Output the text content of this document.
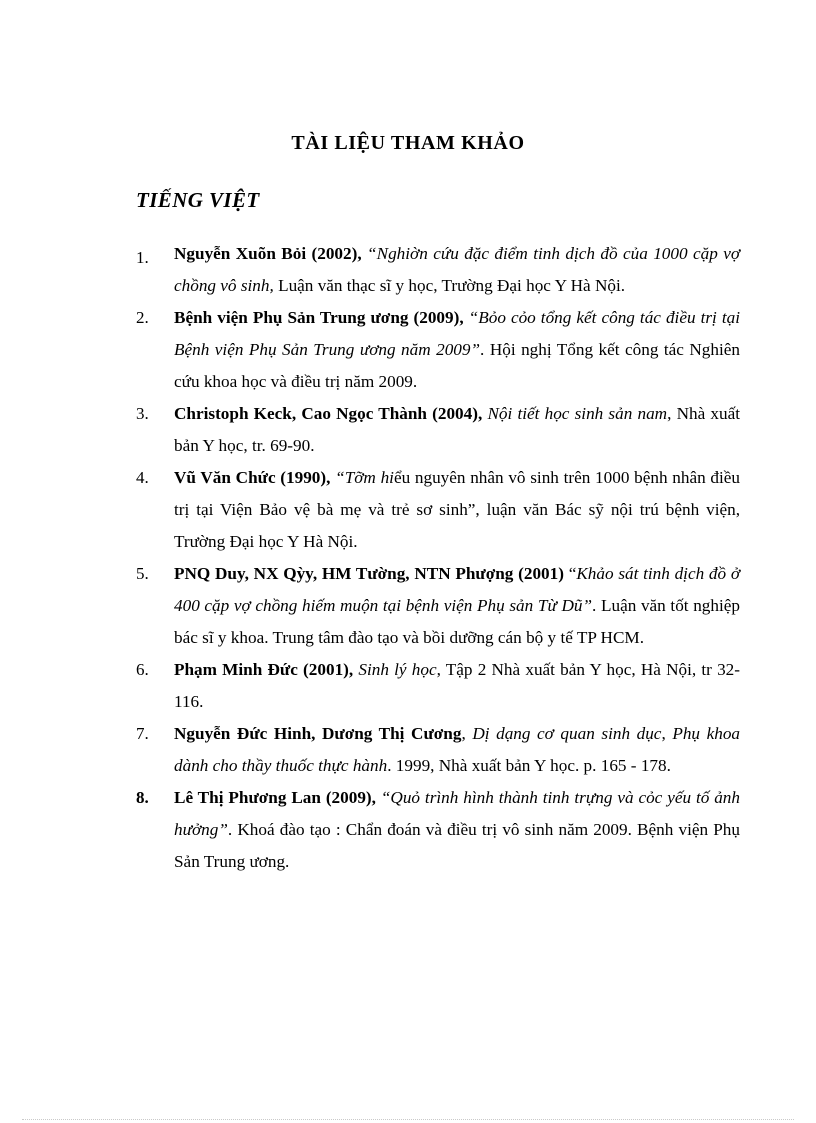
TÀI LIỆU THAM KHẢO
TIẾNG VIỆT
1.	Nguyễn Xuõn Bỏi (2002), “Nghiờn cứu đặc điểm tinh dịch đồ của 1000 cặp vợ chồng vô sinh, Luận văn thạc sĩ y học, Trường Đại học Y Hà Nội.
2.	Bệnh viện Phụ Sản Trung ương (2009), “Bỏo cỏo tổng kết công tác điều trị tại Bệnh viện Phụ Sản Trung ương năm 2009”. Hội nghị Tổng kết công tác Nghiên cứu khoa học và điều trị năm 2009.
3.	Christoph Keck, Cao Ngọc Thành (2004), Nội tiết học sinh sản nam, Nhà xuất bản Y học, tr. 69-90.
4.	Vũ Văn Chức (1990), “Tỡm hiểu nguyên nhân vô sinh trên 1000 bệnh nhân điều trị tại Viện Bảo vệ bà mẹ và trẻ sơ sinh”, luận văn Bác sỹ nội trú bệnh viện, Trường Đại học Y Hà Nội.
5.	PNQ Duy, NX Qỳy, HM Tường, NTN Phượng (2001) “Khảo sát tinh dịch đồ ở 400 cặp vợ chồng hiếm muộn tại bệnh viện Phụ sản Từ Dũ”. Luận văn tốt nghiệp bác sĩ y khoa. Trung tâm đào tạo và bồi dưỡng cán bộ y tế TP HCM.
6.	Phạm Minh Đức (2001), Sinh lý học, Tập 2 Nhà xuất bản Y học, Hà Nội, tr 32-116.
7.	Nguyễn Đức Hinh, Dương Thị Cương, Dị dạng cơ quan sinh dục, Phụ khoa dành cho thầy thuốc thực hành. 1999, Nhà xuất bản Y học. p. 165 - 178.
8.	Lê Thị Phương Lan (2009), “Quỏ trình hình thành tinh trựng và cỏc yếu tố ảnh hưởng”. Khoá đào tạo : Chẩn đoán và điều trị vô sinh năm 2009. Bệnh viện Phụ Sản Trung ương.
